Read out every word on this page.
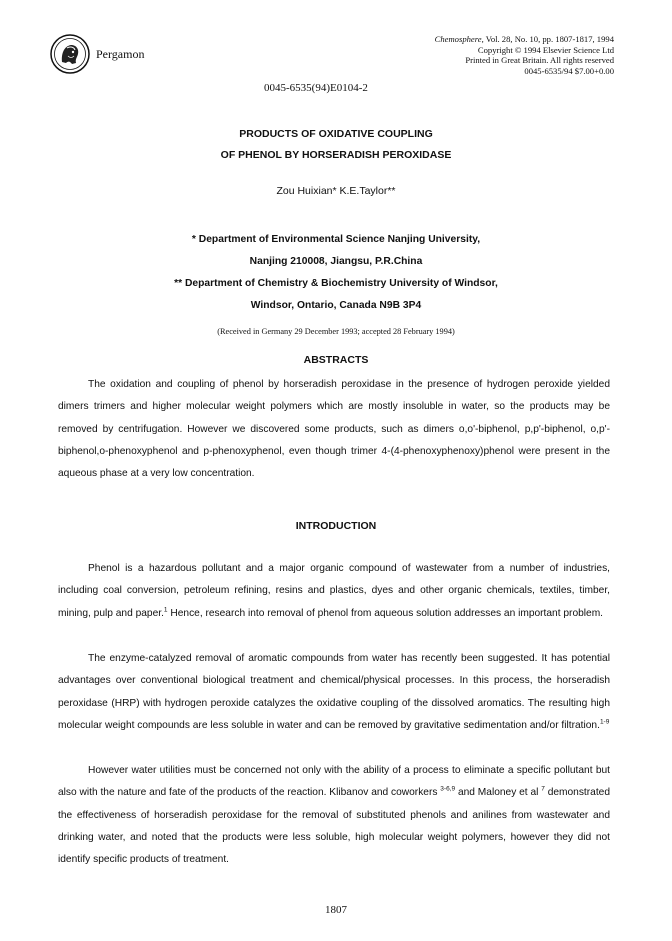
Pergamon
Chemosphere, Vol. 28, No. 10, pp. 1807-1817, 1994
Copyright © 1994 Elsevier Science Ltd
Printed in Great Britain. All rights reserved
0045-6535/94 $7.00+0.00
0045-6535(94)E0104-2
PRODUCTS OF OXIDATIVE COUPLING
OF PHENOL BY HORSERADISH PEROXIDASE
Zou Huixian* K.E.Taylor**
* Department of Environmental Science Nanjing University,
Nanjing 210008, Jiangsu, P.R.China
** Department of Chemistry & Biochemistry University of Windsor,
Windsor, Ontario, Canada N9B 3P4
(Received in Germany 29 December 1993; accepted 28 February 1994)
ABSTRACTS

The oxidation and coupling of phenol by horseradish peroxidase in the presence of hydrogen peroxide yielded dimers trimers and higher molecular weight polymers which are mostly insoluble in water, so the products may be removed by centrifugation. However we discovered some products, such as dimers o,o'-biphenol, p,p'-biphenol, o,p'-biphenol,o-phenoxyphenol and p-phenoxyphenol, even though trimer 4-(4-phenoxyphenoxy)phenol were present in the aqueous phase at a very low concentration.

INTRODUCTION

Phenol is a hazardous pollutant and a major organic compound of wastewater from a number of industries, including coal conversion, petroleum refining, resins and plastics, dyes and other organic chemicals, textiles, timber, mining, pulp and paper.$^1$ Hence, research into removal of phenol from aqueous solution addresses an important problem.

The enzyme-catalyzed removal of aromatic compounds from water has recently been suggested. It has potential advantages over conventional biological treatment and chemical/physical processes. In this process, the horseradish peroxidase (HRP) with hydrogen peroxide catalyzes the oxidative coupling of the dissolved aromatics. The resulting high molecular weight compounds are less soluble in water and can be removed by gravitative sedimentation and/or filtration.$^{1-9}$

However water utilities must be concerned not only with the ability of a process to eliminate a specific pollutant but also with the nature and fate of the products of the reaction. Klibanov and coworkers $^{3-6,9}$ and Maloney et al $^7$ demonstrated the effectiveness of horseradish peroxidase for the removal of substituted phenols and anilines from wastewater and drinking water, and noted that the products were less soluble, high molecular weight polymers, however they did not identify specific products of treatment.

1807
